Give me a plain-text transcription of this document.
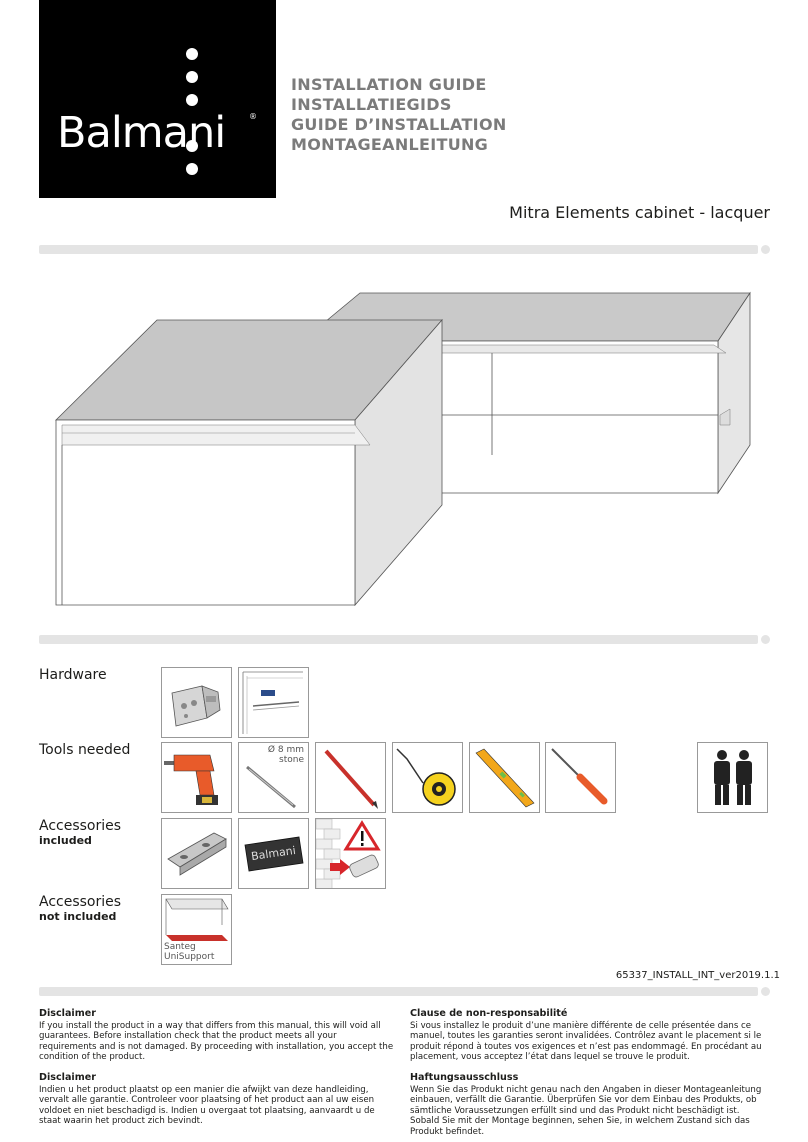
Balmani	®
INSTALLATION GUIDE
INSTALLATIEGIDS
GUIDE D’INSTALLATION
MONTAGEANLEITUNG
Mitra Elements cabinet - lacquer
Hardware
Tools needed	Ø 8 mm
stone
Accessories
included
Balmani
Accessories
not included
Santeg
UniSupport
65337_INSTALL_INT_ver2019.1.1
Disclaimer

If you install the product in a way that differs from this manual, this will void all guarantees. Before installation check that the product meets all your requirements and is not damaged. By proceeding with installation, you accept the condition of the product.

Clause de non-responsabilité

Si vous installez le produit d’une manière différente de celle présentée dans ce manuel, toutes les garanties seront invalidées. Contrôlez avant le placement si le produit répond à toutes vos exigences et n’est pas endommagé. En procédant au placement, vous acceptez l’état dans lequel se trouve le produit.

Disclaimer

Indien u het product plaatst op een manier die afwijkt van deze handleiding, vervalt alle garantie. Controleer voor plaatsing of het product aan al uw eisen voldoet en niet beschadigd is. Indien u overgaat tot plaatsing, aanvaardt u de staat waarin het product zich bevindt.

Haftungsausschluss

Wenn Sie das Produkt nicht genau nach den Angaben in dieser Montageanleitung einbauen, verfällt die Garantie. Überprüfen Sie vor dem Einbau des Produkts, ob sämtliche Voraussetzungen erfüllt sind und das Produkt nicht beschädigt ist. Sobald Sie mit der Montage beginnen, sehen Sie, in welchem Zustand sich das Produkt befindet.
